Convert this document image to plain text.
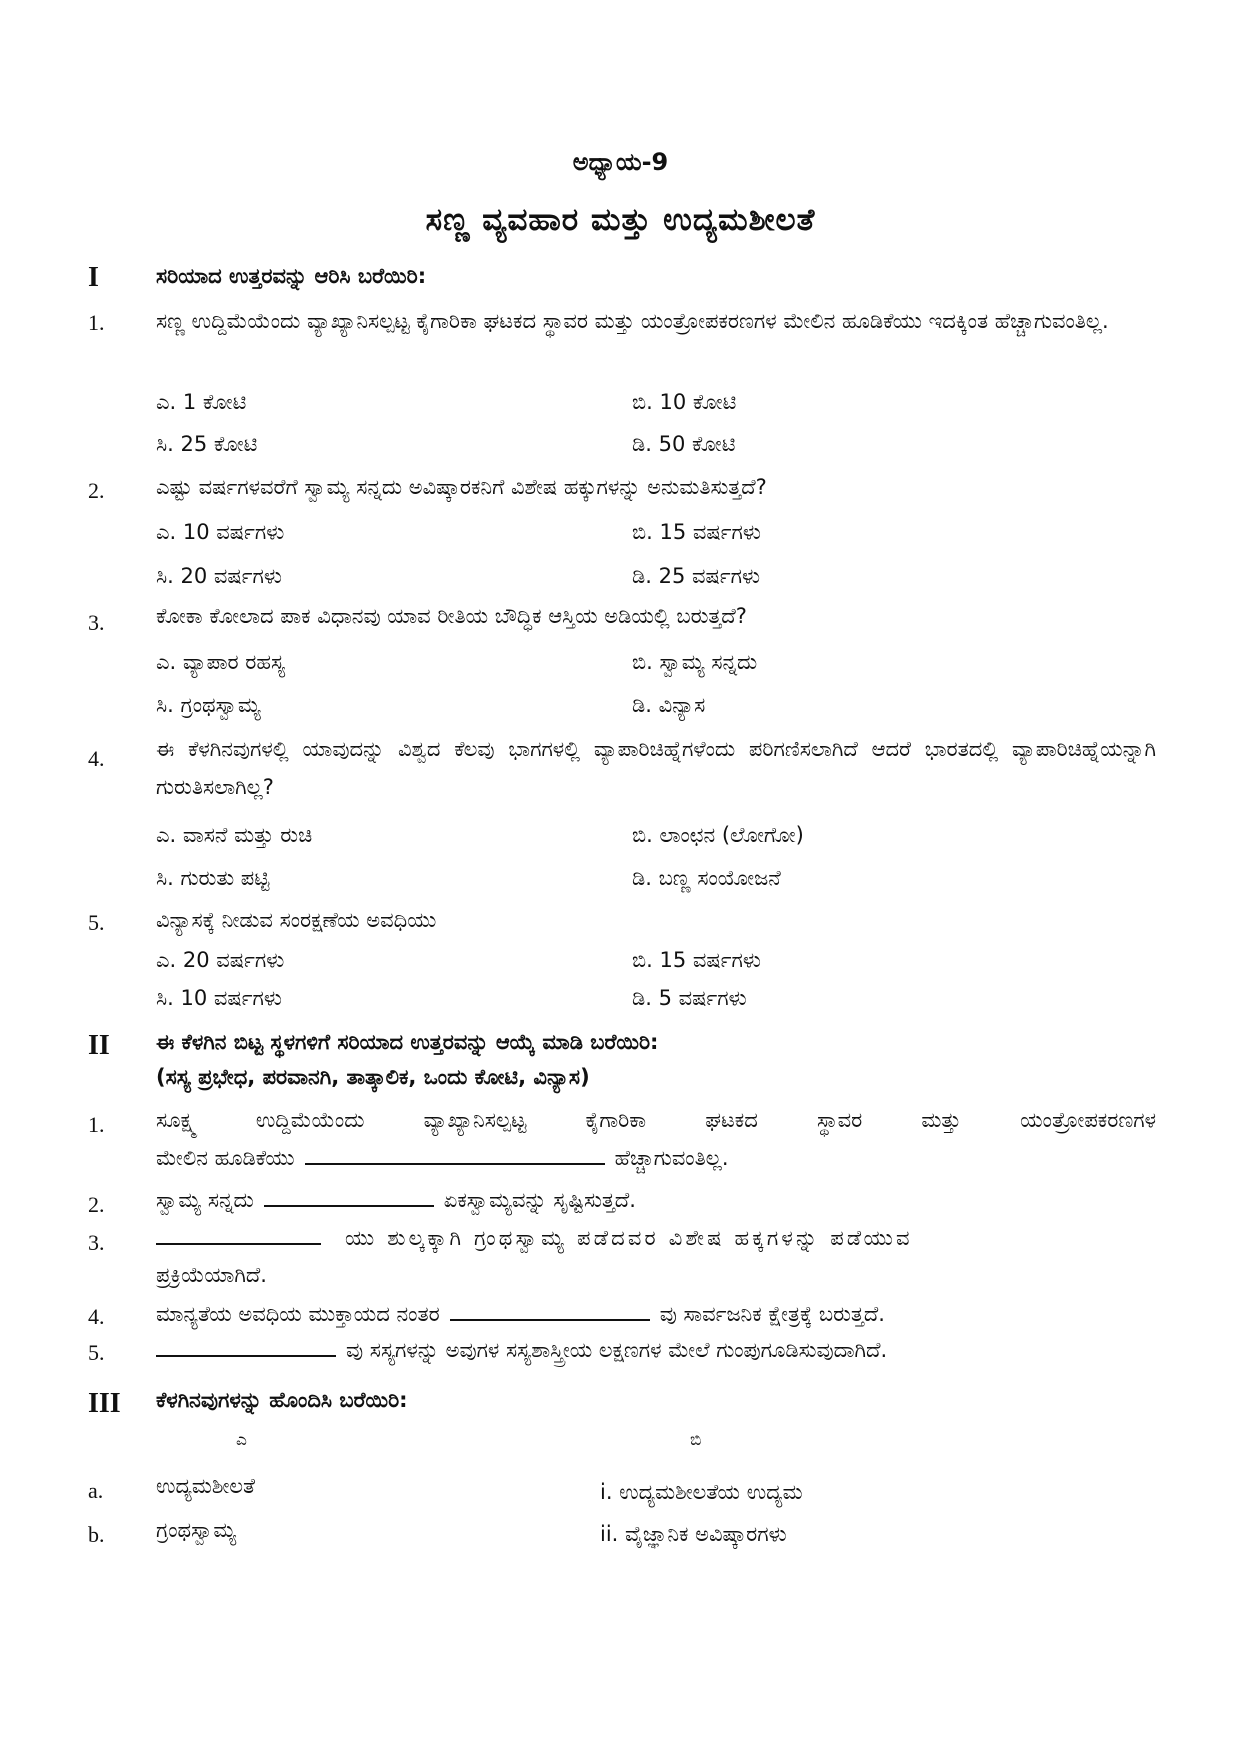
ಅಧ್ಯಾಯ-9
ಸಣ್ಣ ವ್ಯವಹಾರ ಮತ್ತು ಉದ್ಯಮಶೀಲತೆ
I	ಸರಿಯಾದ ಉತ್ತರವನ್ನು ಆರಿಸಿ ಬರೆಯಿರಿ:
1. ಸಣ್ಣ ಉದ್ದಿಮೆಯೆಂದು ವ್ಯಾಖ್ಯಾನಿಸಲ್ಪಟ್ಟ ಕೈಗಾರಿಕಾ ಘಟಕದ ಸ್ಥಾವರ ಮತ್ತು ಯಂತ್ರೋಪಕರಣಗಳ ಮೇಲಿನ ಹೂಡಿಕೆಯು ಇದಕ್ಕಿಂತ ಹೆಚ್ಚಾಗುವಂತಿಲ್ಲ.
ಎ. 1 ಕೋಟಿ	ಬಿ. 10 ಕೋಟಿ
ಸಿ. 25 ಕೋಟಿ	ಡಿ. 50 ಕೋಟಿ
2. ಎಷ್ಟು ವರ್ಷಗಳವರೆಗೆ ಸ್ವಾಮ್ಯ ಸನ್ನದು ಅವಿಷ್ಕಾರಕನಿಗೆ ವಿಶೇಷ ಹಕ್ಕುಗಳನ್ನು ಅನುಮತಿಸುತ್ತದೆ?
ಎ. 10 ವರ್ಷಗಳು	ಬಿ. 15 ವರ್ಷಗಳು
ಸಿ. 20 ವರ್ಷಗಳು	ಡಿ. 25 ವರ್ಷಗಳು
3. ಕೋಕಾ ಕೋಲಾದ ಪಾಕ ವಿಧಾನವು ಯಾವ ರೀತಿಯ ಬೌದ್ಧಿಕ ಆಸ್ತಿಯ ಅಡಿಯಲ್ಲಿ ಬರುತ್ತದೆ?
ಎ. ವ್ಯಾಪಾರ ರಹಸ್ಯ	ಬಿ. ಸ್ವಾಮ್ಯ ಸನ್ನದು
ಸಿ. ಗ್ರಂಥಸ್ವಾಮ್ಯ	ಡಿ. ವಿನ್ಯಾಸ
4. ಈ ಕೆಳಗಿನವುಗಳಲ್ಲಿ ಯಾವುದನ್ನು ವಿಶ್ವದ ಕೆಲವು ಭಾಗಗಳಲ್ಲಿ ವ್ಯಾಪಾರಿಚಿಹ್ನೆಗಳೆಂದು ಪರಿಗಣಿಸಲಾಗಿದೆ ಆದರೆ ಭಾರತದಲ್ಲಿ ವ್ಯಾಪಾರಿಚಿಹ್ನೆಯನ್ನಾಗಿ ಗುರುತಿಸಲಾಗಿಲ್ಲ?
ಎ. ವಾಸನೆ ಮತ್ತು ರುಚಿ	ಬಿ. ಲಾಂಛನ (ಲೋಗೋ)
ಸಿ. ಗುರುತು ಪಟ್ಟಿ	ಡಿ. ಬಣ್ಣ ಸಂಯೋಜನೆ
5. ವಿನ್ಯಾಸಕ್ಕೆ ನೀಡುವ ಸಂರಕ್ಷಣೆಯ ಅವಧಿಯು
ಎ. 20 ವರ್ಷಗಳು	ಬಿ. 15 ವರ್ಷಗಳು
ಸಿ. 10 ವರ್ಷಗಳು	ಡಿ. 5 ವರ್ಷಗಳು
II ಈ ಕೆಳಗಿನ ಬಿಟ್ಟ ಸ್ಥಳಗಳಿಗೆ ಸರಿಯಾದ ಉತ್ತರವನ್ನು ಆಯ್ಕೆ ಮಾಡಿ ಬರೆಯಿರಿ:
(ಸಸ್ಯ ಪ್ರಭೇಧ, ಪರವಾನಗಿ, ತಾತ್ಕಾಲಿಕ, ಒಂದು ಕೋಟಿ, ವಿನ್ಯಾಸ)
1. ಸೂಕ್ಷ್ಮ ಉದ್ದಿಮೆಯೆಂದು ವ್ಯಾಖ್ಯಾನಿಸಲ್ಪಟ್ಟ ಕೈಗಾರಿಕಾ ಘಟಕದ ಸ್ಥಾವರ ಮತ್ತು ಯಂತ್ರೋಪಕರಣಗಳ
ಮೇಲಿನ ಹೂಡಿಕೆಯು	ಹೆಚ್ಚಾಗುವಂತಿಲ್ಲ.
2. ಸ್ವಾಮ್ಯ ಸನ್ನದು	ಏಕಸ್ವಾಮ್ಯವನ್ನು ಸೃಷ್ಟಿಸುತ್ತದೆ.
3.	ಯು ಶುಲ್ಕಕ್ಕಾಗಿ ಗ್ರಂಥಸ್ವಾಮ್ಯ ಪಡೆದವರ ವಿಶೇಷ ಹಕ್ಕಗಳನ್ನು ಪಡೆಯುವ
ಪ್ರಕ್ರಿಯೆಯಾಗಿದೆ.
4. ಮಾನ್ಯತೆಯ ಅವಧಿಯ ಮುಕ್ತಾಯದ ನಂತರ	ವು ಸಾರ್ವಜನಿಕ ಕ್ಷೇತ್ರಕ್ಕೆ ಬರುತ್ತದೆ.
5.	ವು ಸಸ್ಯಗಳನ್ನು ಅವುಗಳ ಸಸ್ಯಶಾಸ್ತ್ರೀಯ ಲಕ್ಷಣಗಳ ಮೇಲೆ ಗುಂಪುಗೂಡಿಸುವುದಾಗಿದೆ.
III ಕೆಳಗಿನವುಗಳನ್ನು ಹೊಂದಿಸಿ ಬರೆಯಿರಿ:
ಎ	ಬಿ
a.	ಉದ್ಯಮಶೀಲತೆ	i. ಉದ್ಯಮಶೀಲತೆಯ ಉದ್ಯಮ
b. ಗ್ರಂಥಸ್ವಾಮ್ಯ	ii. ವೈಜ್ಞಾನಿಕ ಅವಿಷ್ಕಾರಗಳು
